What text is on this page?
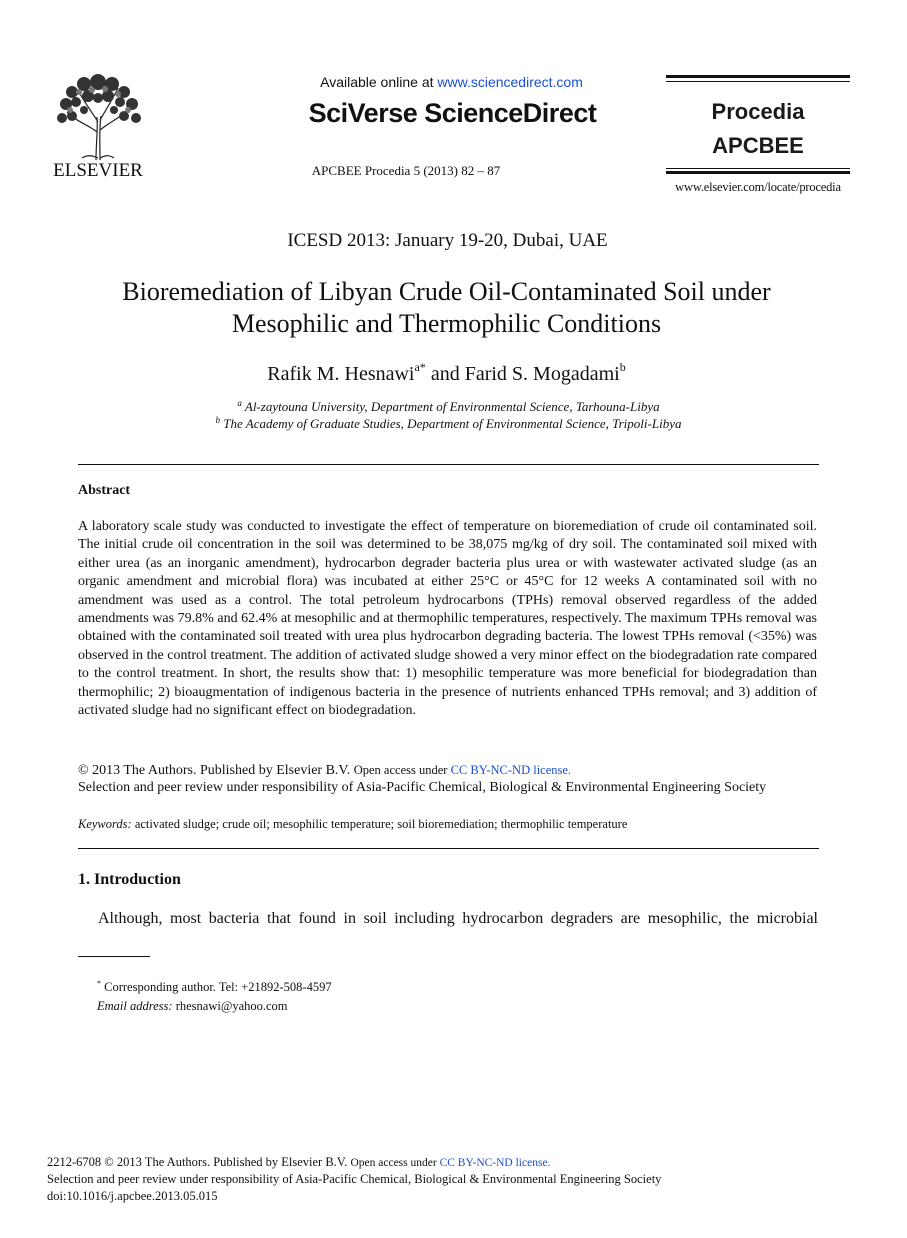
ELSEVIER
Available online at www.sciencedirect.com
SciVerse ScienceDirect
APCBEE Procedia 5 (2013) 82 – 87
Procedia
APCBEE
www.elsevier.com/locate/procedia
ICESD 2013: January 19-20, Dubai, UAE
Bioremediation of Libyan Crude Oil-Contaminated Soil under
Mesophilic and Thermophilic Conditions
Rafik M. Hesnawi$^{a*}$ and Farid S. Mogadami$^b$
$^a$ Al-zaytouna University, Department of Environmental Science, Tarhouna-Libya
$^b$ The Academy of Graduate Studies, Department of Environmental Science, Tripoli-Libya
Abstract
A laboratory scale study was conducted to investigate the effect of temperature on bioremediation of crude oil contaminated soil. The initial crude oil concentration in the soil was determined to be 38,075 mg/kg of dry soil. The contaminated soil mixed with either urea (as an inorganic amendment), hydrocarbon degrader bacteria plus urea or with wastewater activated sludge (as an organic amendment and microbial flora) was incubated at either 25°C or 45°C for 12 weeks A contaminated soil with no amendment was used as a control. The total petroleum hydrocarbons (TPHs) removal observed regardless of the added amendments was 79.8% and 62.4% at mesophilic and at thermophilic temperatures, respectively. The maximum TPHs removal was obtained with the contaminated soil treated with urea plus hydrocarbon degrading bacteria. The lowest TPHs removal (<35%) was observed in the control treatment. The addition of activated sludge showed a very minor effect on the biodegradation rate compared to the control treatment. In short, the results show that: 1) mesophilic temperature was more beneficial for biodegradation than thermophilic; 2) bioaugmentation of indigenous bacteria in the presence of nutrients enhanced TPHs removal; and 3) addition of activated sludge had no significant effect on biodegradation.
© 2013 The Authors. Published by Elsevier B.V. Open access under CC BY-NC-ND license.
Selection and peer review under responsibility of Asia-Pacific Chemical, Biological & Environmental Engineering Society
Keywords: activated sludge; crude oil; mesophilic temperature; soil bioremediation; thermophilic temperature
1. Introduction
Although, most bacteria that found in soil including hydrocarbon degraders are mesophilic, the microbial
* Corresponding author. Tel: +21892-508-4597
Email address: rhesnawi@yahoo.com
2212-6708 © 2013 The Authors. Published by Elsevier B.V. Open access under CC BY-NC-ND license.
Selection and peer review under responsibility of Asia-Pacific Chemical, Biological & Environmental Engineering Society
doi:10.1016/j.apcbee.2013.05.015
